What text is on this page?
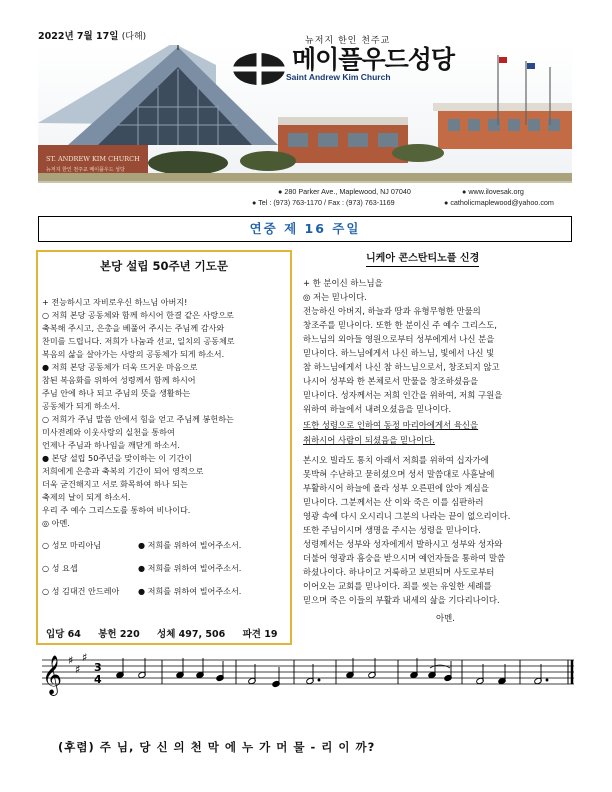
2022년 7월 17일 (다해)
ST. ANDREW KIM CHURCH
뉴저지 한인 천주교 메이플우드 성당
뉴저지 한인 천주교
메이플우드성당
Saint Andrew Kim Church
● 280 Parker Ave., Maplewood, NJ 07040	● www.ilovesak.org
● Tel : (973) 763-1170 / Fax : (973) 763-1169	● catholicmaplewood@yahoo.com
연중 제 16 주일
본당 설립 50주년 기도문
+ 전능하시고 자비로우신 하느님 아버지!
○ 저희 본당 공동체와 함께 하시어 한결 같은 사랑으로
축복해 주시고, 은총을 베풀어 주시는 주님께 감사와
찬미를 드립니다. 저희가 나눔과 선교, 일치의 공동체로
복음의 삶을 살아가는 사랑의 공동체가 되게 하소서.
● 저희 본당 공동체가 더욱 뜨거운 마음으로
참된 복음화를 위하여 성령께서 함께 하시어
주님 안에 하나 되고 주님의 뜻을 생활하는
공동체가 되게 하소서.
○ 저희가 주님 말씀 안에서 힘을 얻고 주님께 봉헌하는
미사전례와 이웃사랑의 실천을 통하여
언제나 주님과 하나임을 깨닫게 하소서.
● 본당 설립 50주년을 맞이하는 이 기간이
저희에게 은총과 축복의 기간이 되어 영적으로
더욱 굳건해지고 서로 화목하여 하나 되는
축제의 날이 되게 하소서.
우리 주 예수 그리스도를 통하여 비나이다.
◎ 아멘.
○ 성모 마리아님	● 저희를 위하여 빌어주소서.
○ 성 요셉	● 저희를 위하여 빌어주소서.
○ 성 김대건 안드레아 ● 저희를 위하여 빌어주소서.
니케아 콘스탄티노플 신경
+ 한 분이신 하느님을
◎ 저는 믿나이다.
전능하신 아버지, 하늘과 땅과 유형무형한 만물의
창조주를 믿나이다. 또한 한 분이신 주 예수 그리스도,
하느님의 외아들 영원으로부터 성부에게서 나신 분을
믿나이다. 하느님에게서 나신 하느님, 빛에서 나신 빛
참 하느님에게서 나신 참 하느님으로서, 창조되지 않고
나시어 성부와 한 본체로서 만물을 창조하셨음을
믿나이다. 성자께서는 저희 인간을 위하여, 저희 구원을
위하여 하늘에서 내려오셨음을 믿나이다.
또한 성령으로 인하여 동정 마리아에게서 육신을
취하시어 사람이 되셨음을 믿나이다.
본시오 빌라도 통치 아래서 저희를 위하여 십자가에
못박혀 수난하고 묻히셨으며 성서 말씀대로 사흗날에
부활하시어 하늘에 올라 성부 오른편에 앉아 계심을
믿나이다. 그분께서는 산 이와 죽은 이를 심판하러
영광 속에 다시 오시리니 그분의 나라는 끝이 없으리이다.
또한 주님이시며 생명을 주시는 성령을 믿나이다.
성령께서는 성부와 성자에게서 발하시고 성부와 성자와
더불어 영광과 흠숭을 받으시며 예언자들을 통하여 말씀
하셨나이다. 하나이고 거룩하고 보편되며 사도로부터
이어오는 교회를 믿나이다. 죄를 씻는 유일한 세례를
믿으며 죽은 이들의 부활과 내세의 삶을 기다리나이다.
아멘.
입당 64 봉헌 220 성체 497, 506 파견 19
𝄞 ♯
♯
♯
3
4
(후렴) 주 님, 당 신 의 천 막 에 누 가 머 물 - 리 이 까?
